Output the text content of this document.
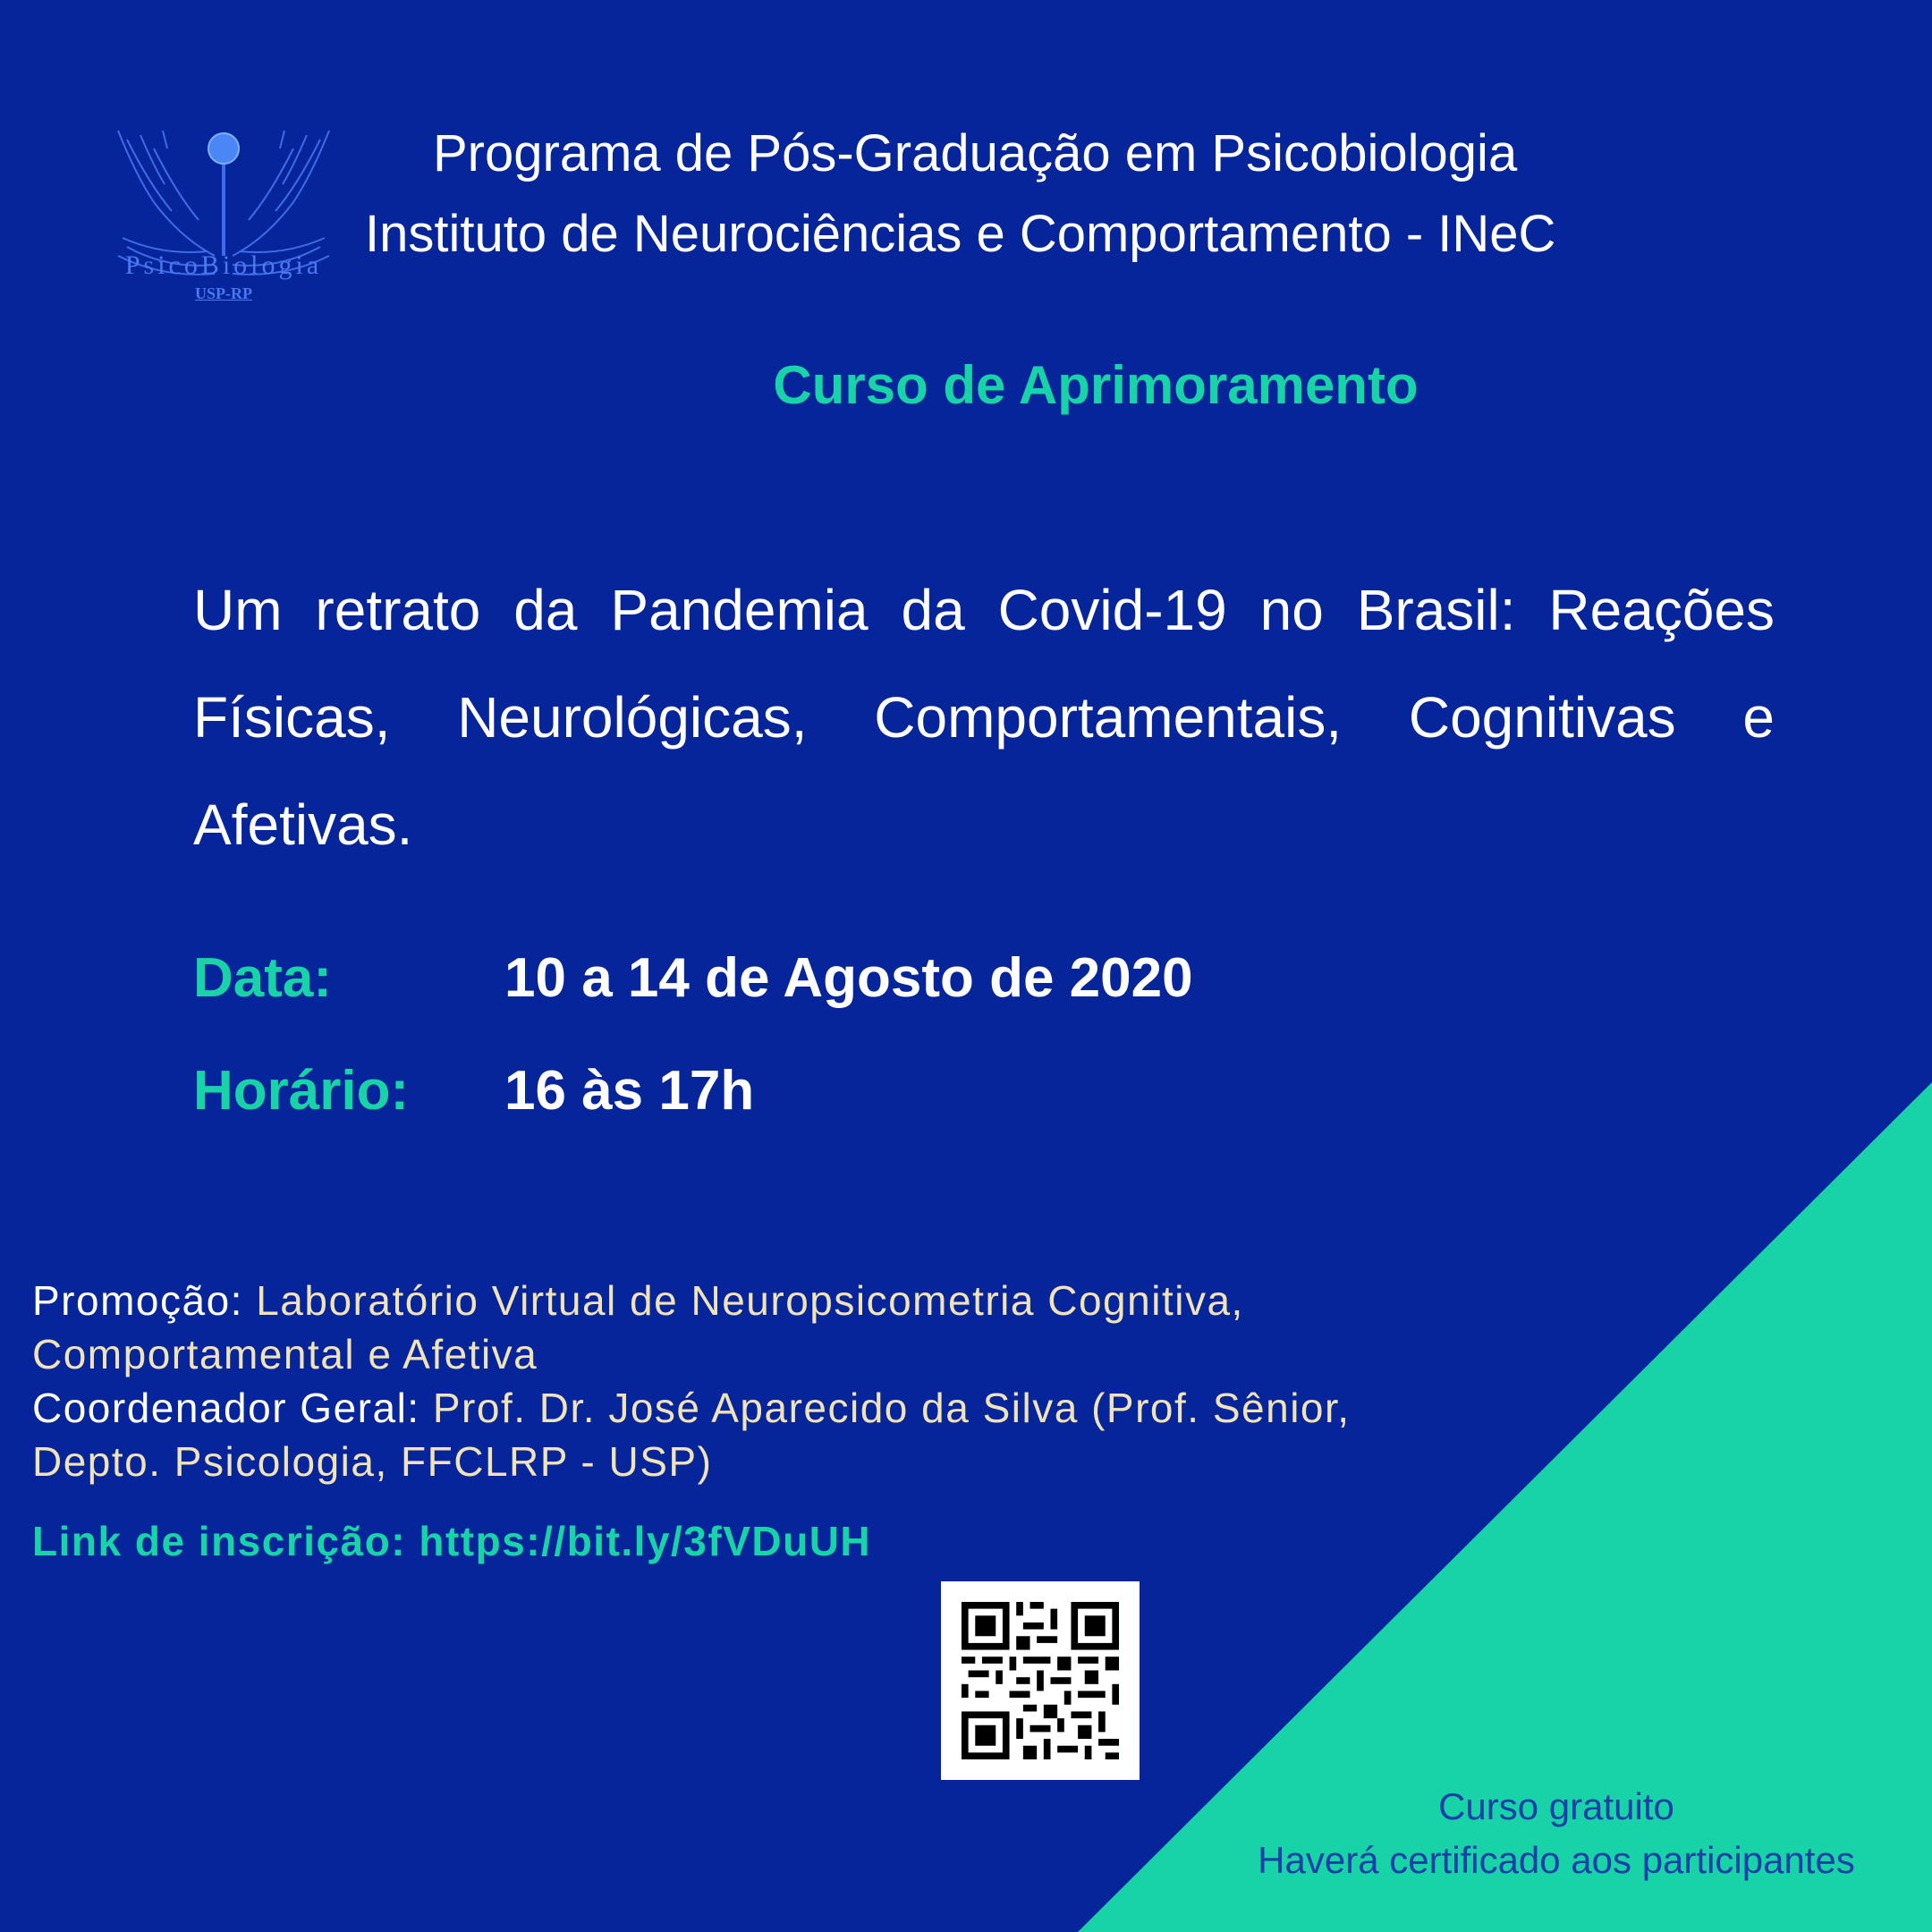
PsicoBiologia
USP-RP
Programa de Pós-Graduação em Psicobiologia
Instituto de Neurociências e Comportamento - INeC
Curso de Aprimoramento
Um retrato da Pandemia da Covid-19 no Brasil: Reações Físicas, Neurológicas, Comportamentais, Cognitivas e Afetivas.
Data:	10 a 14 de Agosto de 2020
Horário: 16 às 17h
Promoção: Laboratório Virtual de Neuropsicometria Cognitiva, Comportamental e Afetiva
Coordenador Geral: Prof. Dr. José Aparecido da Silva (Prof. Sênior, Depto. Psicologia, FFCLRP - USP)
Link de inscrição: https://bit.ly/3fVDuUH
Curso gratuito
Haverá certificado aos participantes
